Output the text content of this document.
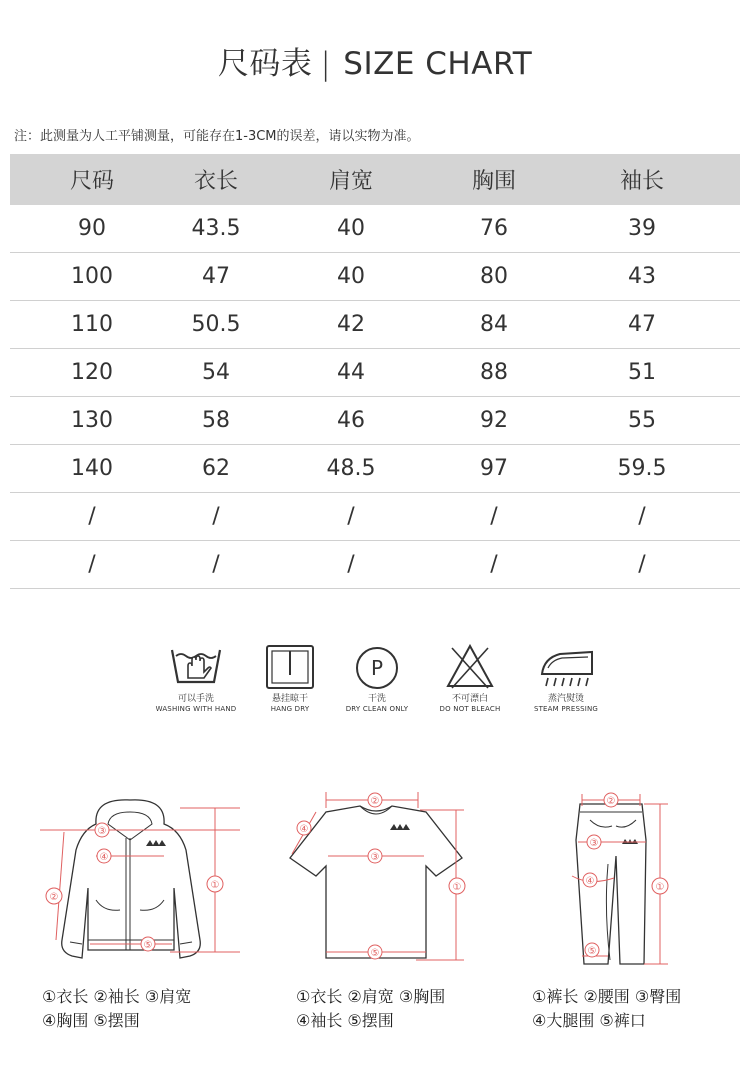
尺码表 | SIZE CHART
注：此测量为人工平铺测量，可能存在1-3CM的误差，请以实物为准。
尺码	衣长	肩宽	胸围	袖长
90	43.5	40	76	39
100	47	40	80	43
110	50.5	42	84	47
120	54	44	88	51
130	58	46	92	55
140	62	48.5	97	59.5
/	/	/	/	/
/	/	/	/	/
可以手洗
WASHING WITH HAND
悬挂晾干
HANG DRY
P
干洗
DRY CLEAN ONLY
不可漂白
DO NOT BLEACH
蒸汽熨烫
STEAM PRESSING
③
④
①
②
⑤
②
④
③
①
⑤
②
③
④
①
⑤
①衣长 ②袖长 ③肩宽
④胸围 ⑤摆围
①衣长 ②肩宽 ③胸围
④袖长 ⑤摆围
①裤长 ②腰围 ③臀围
④大腿围 ⑤裤口
